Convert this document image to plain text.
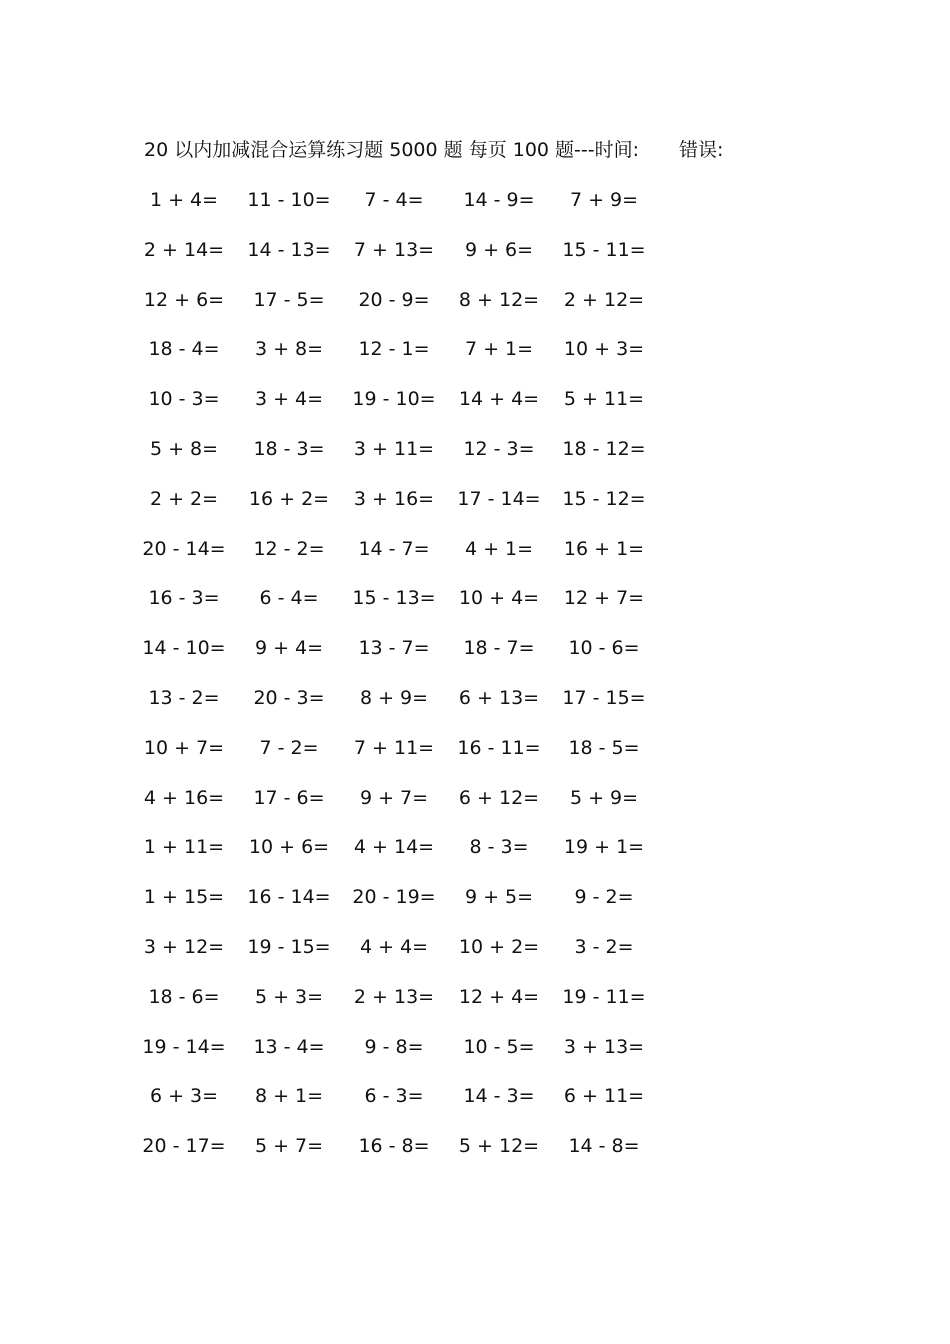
20 以内加减混合运算练习题 5000 题 每页 100 题---时间: 错误:
1 + 4=	11 - 10=	7 - 4=	14 - 9=	7 + 9=
2 + 14=	14 - 13=	7 + 13=	9 + 6=	15 - 11=
12 + 6=	17 - 5=	20 - 9=	8 + 12=	2 + 12=
18 - 4=	3 + 8=	12 - 1=	7 + 1=	10 + 3=
10 - 3=	3 + 4=	19 - 10=	14 + 4=	5 + 11=
5 + 8=	18 - 3=	3 + 11=	12 - 3=	18 - 12=
2 + 2=	16 + 2=	3 + 16=	17 - 14=	15 - 12=
20 - 14=	12 - 2=	14 - 7=	4 + 1=	16 + 1=
16 - 3=	6 - 4=	15 - 13=	10 + 4=	12 + 7=
14 - 10=	9 + 4=	13 - 7=	18 - 7=	10 - 6=
13 - 2=	20 - 3=	8 + 9=	6 + 13=	17 - 15=
10 + 7=	7 - 2=	7 + 11=	16 - 11=	18 - 5=
4 + 16=	17 - 6=	9 + 7=	6 + 12=	5 + 9=
1 + 11=	10 + 6=	4 + 14=	8 - 3=	19 + 1=
1 + 15=	16 - 14=	20 - 19=	9 + 5=	9 - 2=
3 + 12=	19 - 15=	4 + 4=	10 + 2=	3 - 2=
18 - 6=	5 + 3=	2 + 13=	12 + 4=	19 - 11=
19 - 14=	13 - 4=	9 - 8=	10 - 5=	3 + 13=
6 + 3=	8 + 1=	6 - 3=	14 - 3=	6 + 11=
20 - 17=	5 + 7=	16 - 8=	5 + 12=	14 - 8=
